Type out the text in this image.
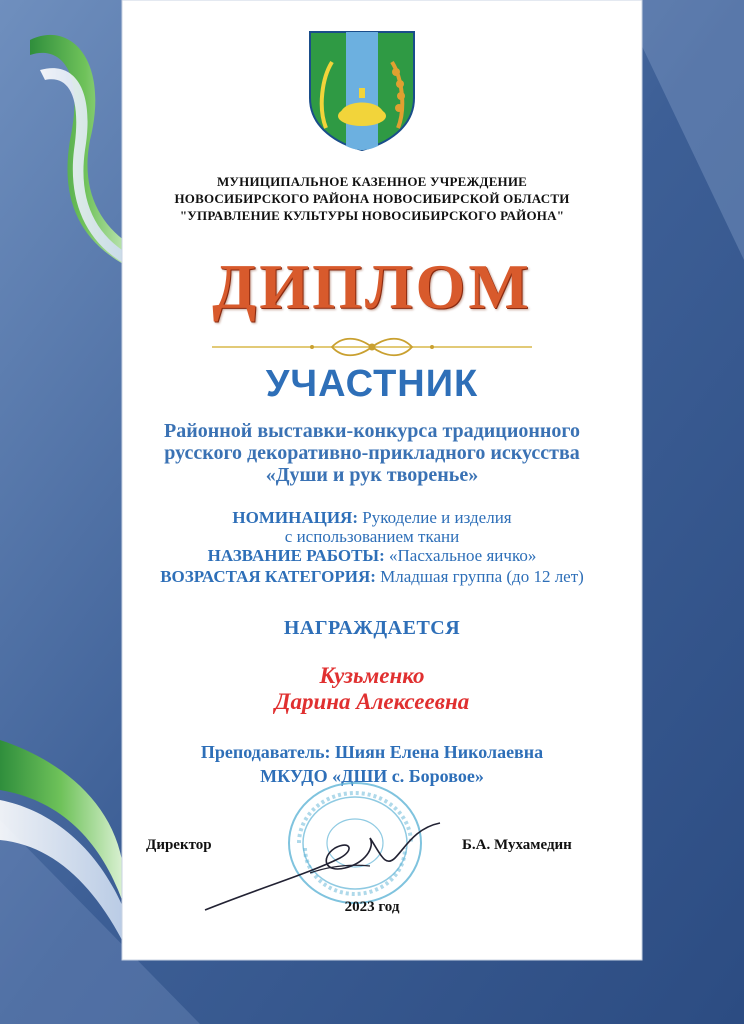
МУНИЦИПАЛЬНОЕ КАЗЕННОЕ УЧРЕЖДЕНИЕ
НОВОСИБИРСКОГО РАЙОНА НОВОСИБИРСКОЙ ОБЛАСТИ
"УПРАВЛЕНИЕ КУЛЬТУРЫ НОВОСИБИРСКОГО РАЙОНА"
ДИПЛОМ
УЧАСТНИК
Районной выставки-конкурса традиционного
русского декоративно-прикладного искусства
«Души и рук творенье»
НОМИНАЦИЯ: Рукоделие и изделия
с использованием ткани
НАЗВАНИЕ РАБОТЫ: «Пасхальное яичко»
ВОЗРАСТАЯ КАТЕГОРИЯ: Младшая группа (до 12 лет)
НАГРАЖДАЕТСЯ
Кузьменко
Дарина Алексеевна
Преподаватель: Шиян Елена Николаевна
МКУДО «ДШИ с. Боровое»
Директор	Б.А. Мухамедин
2023 год
